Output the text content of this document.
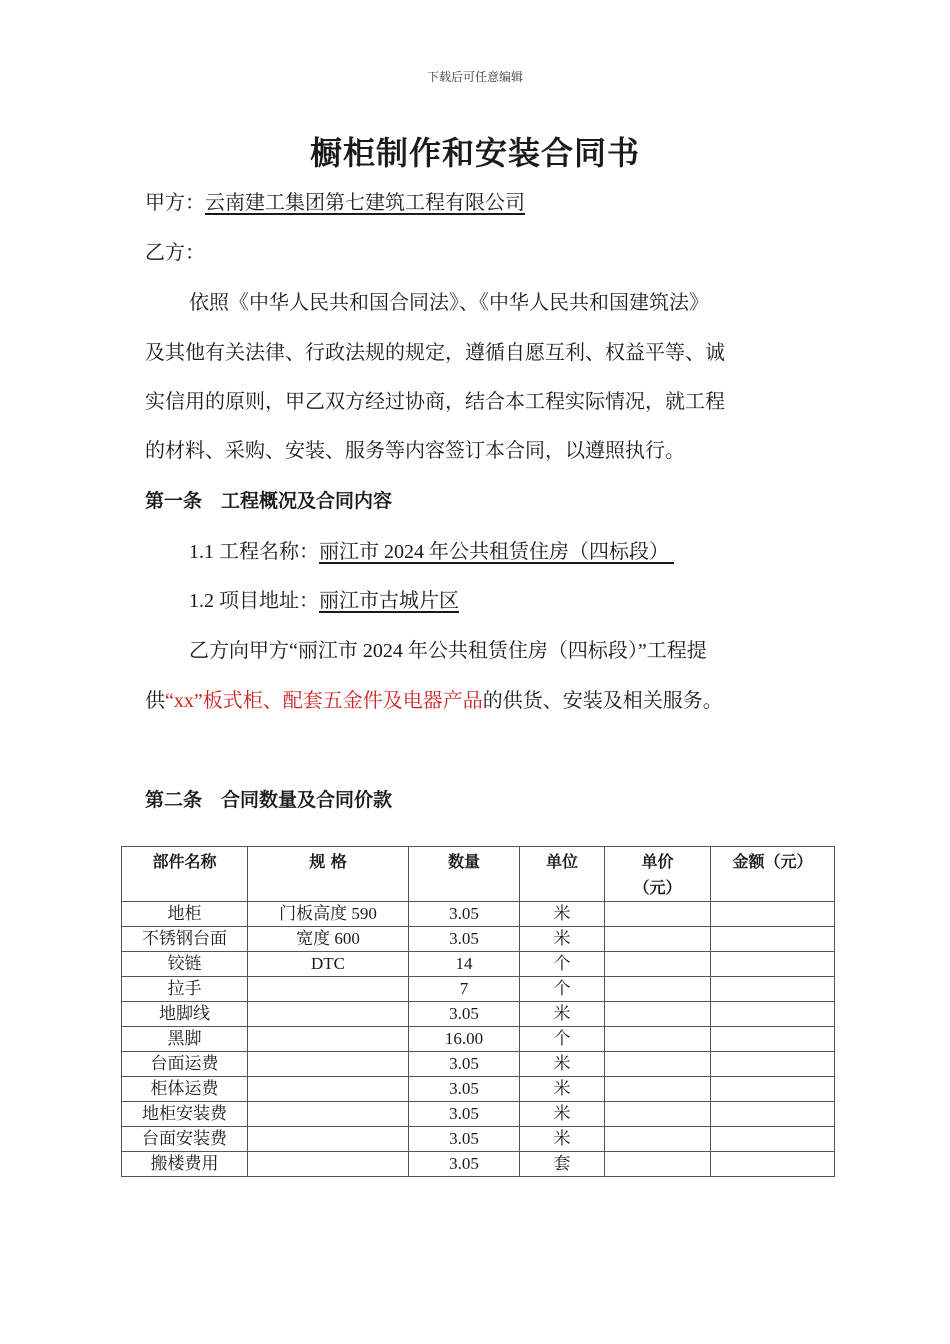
下载后可任意编辑
橱柜制作和安装合同书
甲方：云南建工集团第七建筑工程有限公司
乙方：
依照《中华人民共和国合同法》、《中华人民共和国建筑法》
及其他有关法律、行政法规的规定，遵循自愿互利、权益平等、诚
实信用的原则，甲乙双方经过协商，结合本工程实际情况，就工程
的材料、采购、安装、服务等内容签订本合同，以遵照执行。
第一条　工程概况及合同内容
1.1 工程名称：丽江市 2024 年公共租赁住房（四标段）
1.2 项目地址：丽江市古城片区
乙方向甲方“丽江市 2024 年公共租赁住房（四标段）”工程提
供“xx”板式柜、配套五金件及电器产品的供货、安装及相关服务。
第二条　合同数量及合同价款
部件名称	规 格	数量	单位	单价（元）	金额（元）
地柜	门板高度 590	3.05	米		
不锈钢台面	宽度 600	3.05	米		
铰链	DTC	14	个		
拉手		7	个		
地脚线		3.05	米		
黑脚		16.00	个		
台面运费		3.05	米		
柜体运费		3.05	米		
地柜安装费		3.05	米		
台面安装费		3.05	米		
搬楼费用		3.05	套		
